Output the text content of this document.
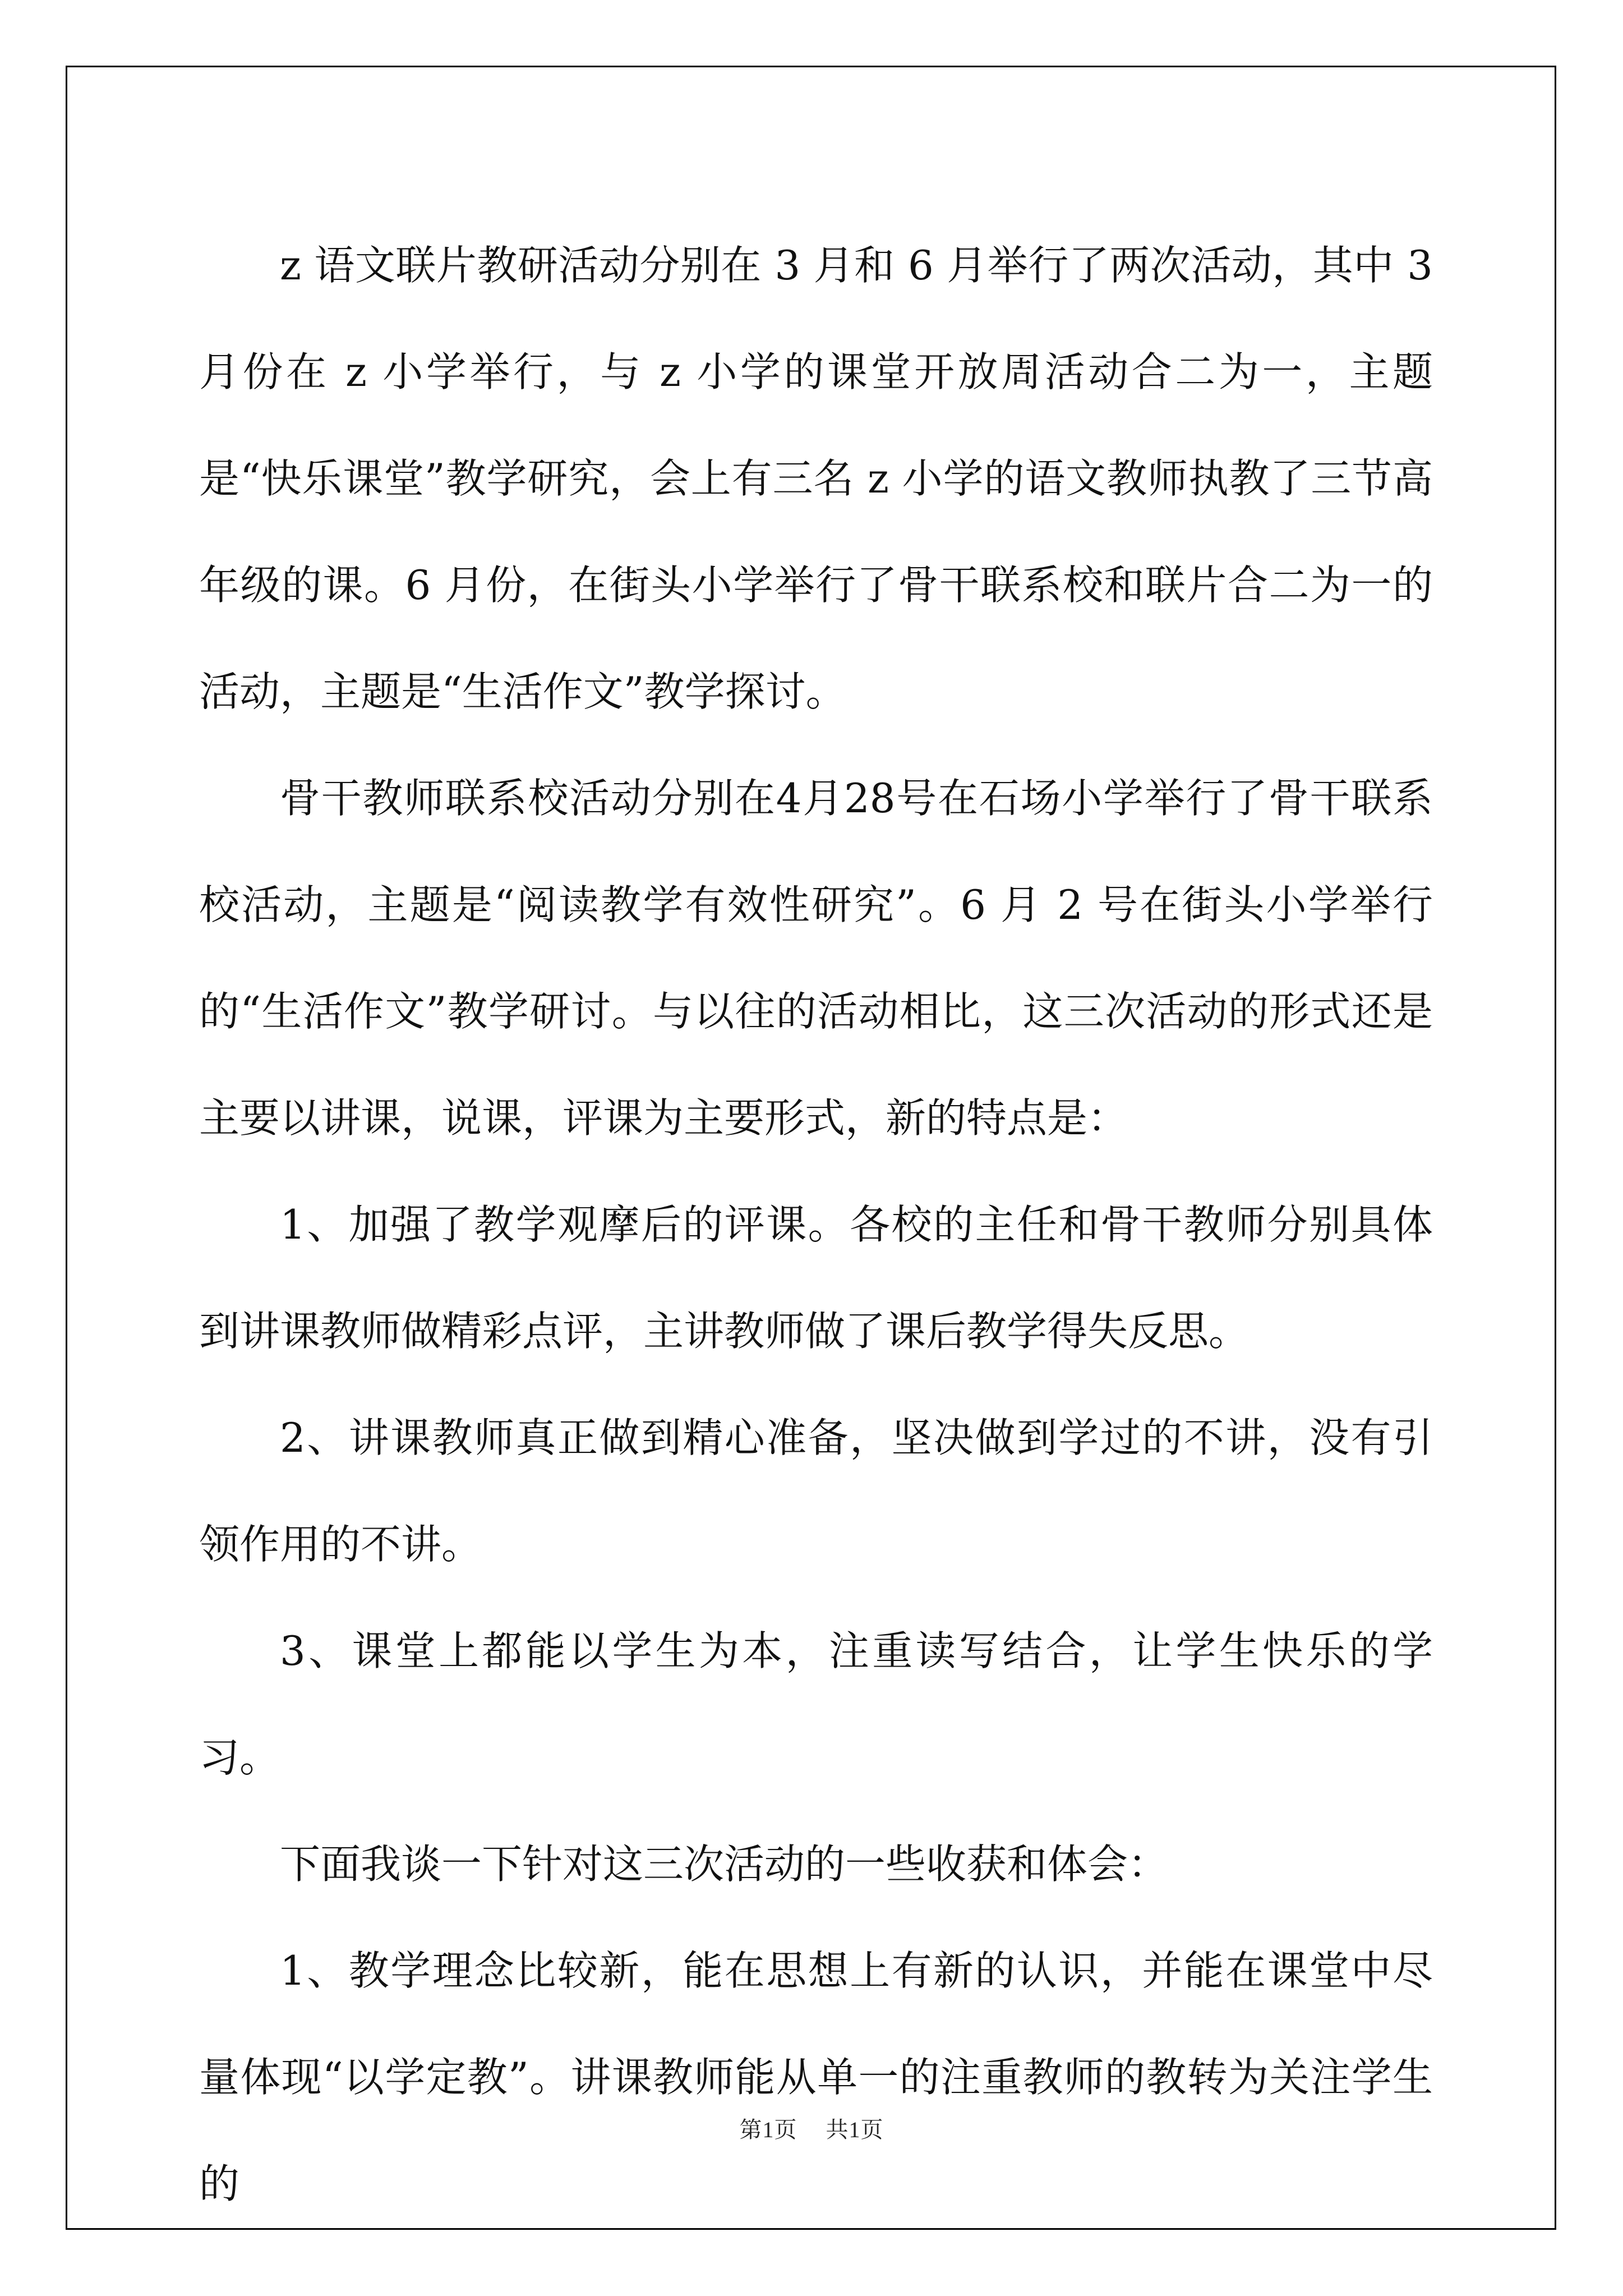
z 语文联片教研活动分别在 3 月和 6 月举行了两次活动，其中 3 月份在 z 小学举行，与 z 小学的课堂开放周活动合二为一，主题是“快乐课堂”教学研究，会上有三名 z 小学的语文教师执教了三节高年级的课。6 月份，在街头小学举行了骨干联系校和联片合二为一的活动，主题是“生活作文”教学探讨。

骨干教师联系校活动分别在4月28号在石场小学举行了骨干联系校活动，主题是“阅读教学有效性研究”。6 月 2 号在街头小学举行的“生活作文”教学研讨。与以往的活动相比，这三次活动的形式还是主要以讲课，说课，评课为主要形式，新的特点是：

1、加强了教学观摩后的评课。各校的主任和骨干教师分别具体到讲课教师做精彩点评，主讲教师做了课后教学得失反思。

2、讲课教师真正做到精心准备，坚决做到学过的不讲，没有引领作用的不讲。

3、课堂上都能以学生为本，注重读写结合，让学生快乐的学习。

下面我谈一下针对这三次活动的一些收获和体会：

1、教学理念比较新，能在思想上有新的认识，并能在课堂中尽量体现“以学定教”。讲课教师能从单一的注重教师的教转为关注学生的

第1页 共1页
